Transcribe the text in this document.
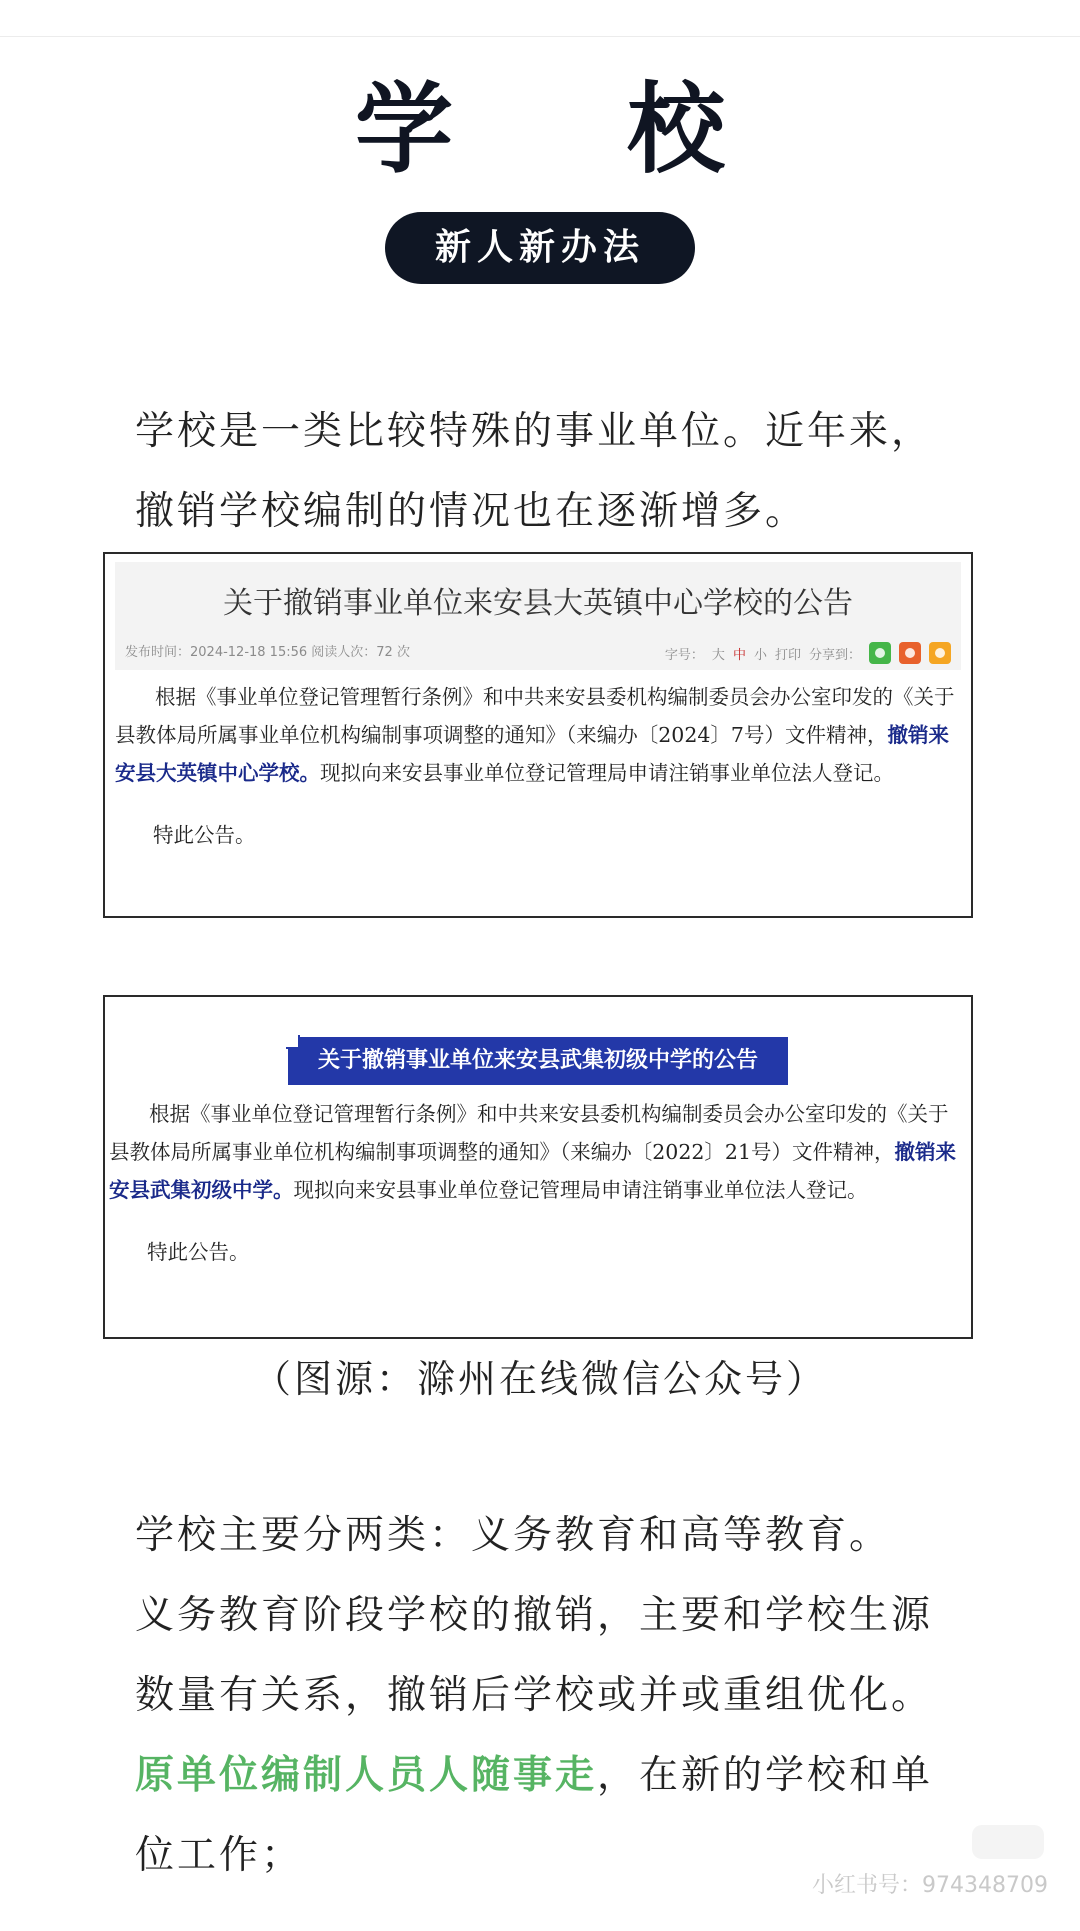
学 校
新人新办法

学校是一类比较特殊的事业单位。近年来，

撤销学校编制的情况也在逐渐增多。

关于撤销事业单位来安县大英镇中心学校的公告
发布时间：2024-12-18 15:56 阅读人次：72 次	字号： 大 中 小 打印 分享到：
根据《事业单位登记管理暂行条例》和中共来安县委机构编制委员会办公室印发的《关于县教体局所属事业单位机构编制事项调整的通知》（来编办〔2024〕7号）文件精神，撤销来安县大英镇中心学校。现拟向来安县事业单位登记管理局申请注销事业单位法人登记。
特此公告。
关于撤销事业单位来安县武集初级中学的公告
根据《事业单位登记管理暂行条例》和中共来安县委机构编制委员会办公室印发的《关于县教体局所属事业单位机构编制事项调整的通知》（来编办〔2022〕21号）文件精神，撤销来安县武集初级中学。现拟向来安县事业单位登记管理局申请注销事业单位法人登记。
特此公告。
（图源：滁州在线微信公众号）

学校主要分两类：义务教育和高等教育。

义务教育阶段学校的撤销，主要和学校生源

数量有关系，撤销后学校或并或重组优化。

原单位编制人员人随事走，在新的学校和单

位工作；

小红书号：974348709
